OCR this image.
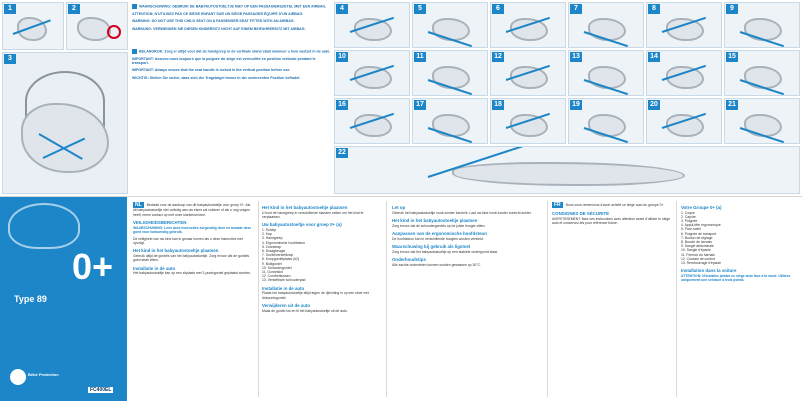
1	2
3
WAARSCHUWING: GEBRUIK DE BABYAUTOSTOELTJE NIET OP EEN PASSAGIERSZETEL MET EEN AIRBAG.
ATTENTION: N'UTILISEZ PAS CE SIÈGE ENFANT SUR UN SIÈGE PASSAGER ÉQUIPÉ D'UN AIRBAG.
WARNING: DO NOT USE THIS CHILD SEAT ON A PASSENGER SEAT FITTED WITH AN AIRBAG.
WARNUNG: VERWENDEN SIE DIESEN KINDERSITZ NICHT AUF EINEM BEIFAHRERSITZ MIT AIRBAG.
BELANGRIJK: Zorg er altijd voor dat de handgreep in de vertikale stand staat wanneer u hem vastzet in de auto.
IMPORTANT: Assurez-vous toujours que la poignée du siège est verrouillée en position verticale pendant le transport.
IMPORTANT: Always ensure that the seat handle is locked in the vertical position before use.
WICHTIG: Stellen Sie sicher, dass sich der Tragebügel immer in der senkrechten Position befindet.
4	5	6	7	8	9
10	11	12	13	14	15
16	17	18	19	20	21
22
0+
Type 89
Bébé Protection
FC400EL

NL Bedankt voor de aankoop van dit babyautostoeltje voor groep 0+. Als dit babyautostoeltje niet volledig aan uw eisen zal voldoen of als u nog vragen heeft, neem contact op met onze klantenservice.

VEILIGHEIDSBERICHTEN

WAARSCHUWING: Lees deze instructies zorgvuldig door en bewaar deze goed voor toekomstig gebruik.

De veiligheid van uw kind kan in gevaar komen als u deze instructies niet opvolgt.

Het kind in het babyautostoeltje plaatsen

Gebruik altijd de gordels van het babyautostoeltje. Zorg ervoor dat de gordels goed strak zitten.

Installatie in de auto

Het babyautostoeltje kan op een zitplaats met 3-puntsgordel geplaatst worden.

Het kind in het babyautostoeltje plaatsen

U kunt de handgreep in verschillende standen zetten om het kind te verplaatsen.

Uw babyautostoeltje voor groep 0+ (a)
1. Schelp
2. Kap
3. Handgreep
4. Ergonomische hoofdsteun
5. Zonnekap
6. Draagbeugel
7. Gordelverstelknop
8. Knopgordelplaats (b2)
9. Buikgordel
10. Schoudergordel
11. Gordelslot
12. Comfortkussen
13. Verstelbare schouderpad
Installatie in de auto

Plaats het babyautostoeltje altijd tegen de rijrichting in op een stoel met driepuntsgordel.

Verwijderen uit de auto

Maak de gordel los en til het babyautostoeltje uit de auto.

Let op

Gebruik het babyautostoeltje nooit zonder toezicht. Laat uw kind nooit zonder toezicht achter.

Het kind in het babyautostoeltje plaatsen

Zorg ervoor dat de schoudergordels op de juiste hoogte zitten.

Aanpassen van de ergonomische hoofdsteun

De hoofdsteun kan in verschillende hoogtes worden versteld.

Waarschuwing bij gebruik als ligstoel

Zorg ervoor dat het babyautostoeltje op een stabiele ondergrond staat.

Onderhoudstips

Alle zachte onderdelen kunnen worden gewassen op 30°C.

FR Nous vous remercions d'avoir acheté ce siège auto du groupe 0+.

CONSIGNES DE SÉCURITÉ

AVERTISSEMENT: lisez ces instructions avec attention avant d'utiliser le siège auto et conservez-les pour référence future.

Votre Groupe 0+ (a)
1. Coque
2. Capote
3. Poignée
4. Appui-tête ergonomique
5. Pare-soleil
6. Poignée de transport
7. Bouton de réglage
8. Boucle de harnais
9. Sangle abdominale
10. Sangle d'épaule
11. Fermoir du harnais
12. Coussin de confort
13. Rembourrage d'épaule
Installation dans la voiture

ATTENTION: N'installez jamais ce siège auto face à la route. Utilisez uniquement une ceinture à trois points.
